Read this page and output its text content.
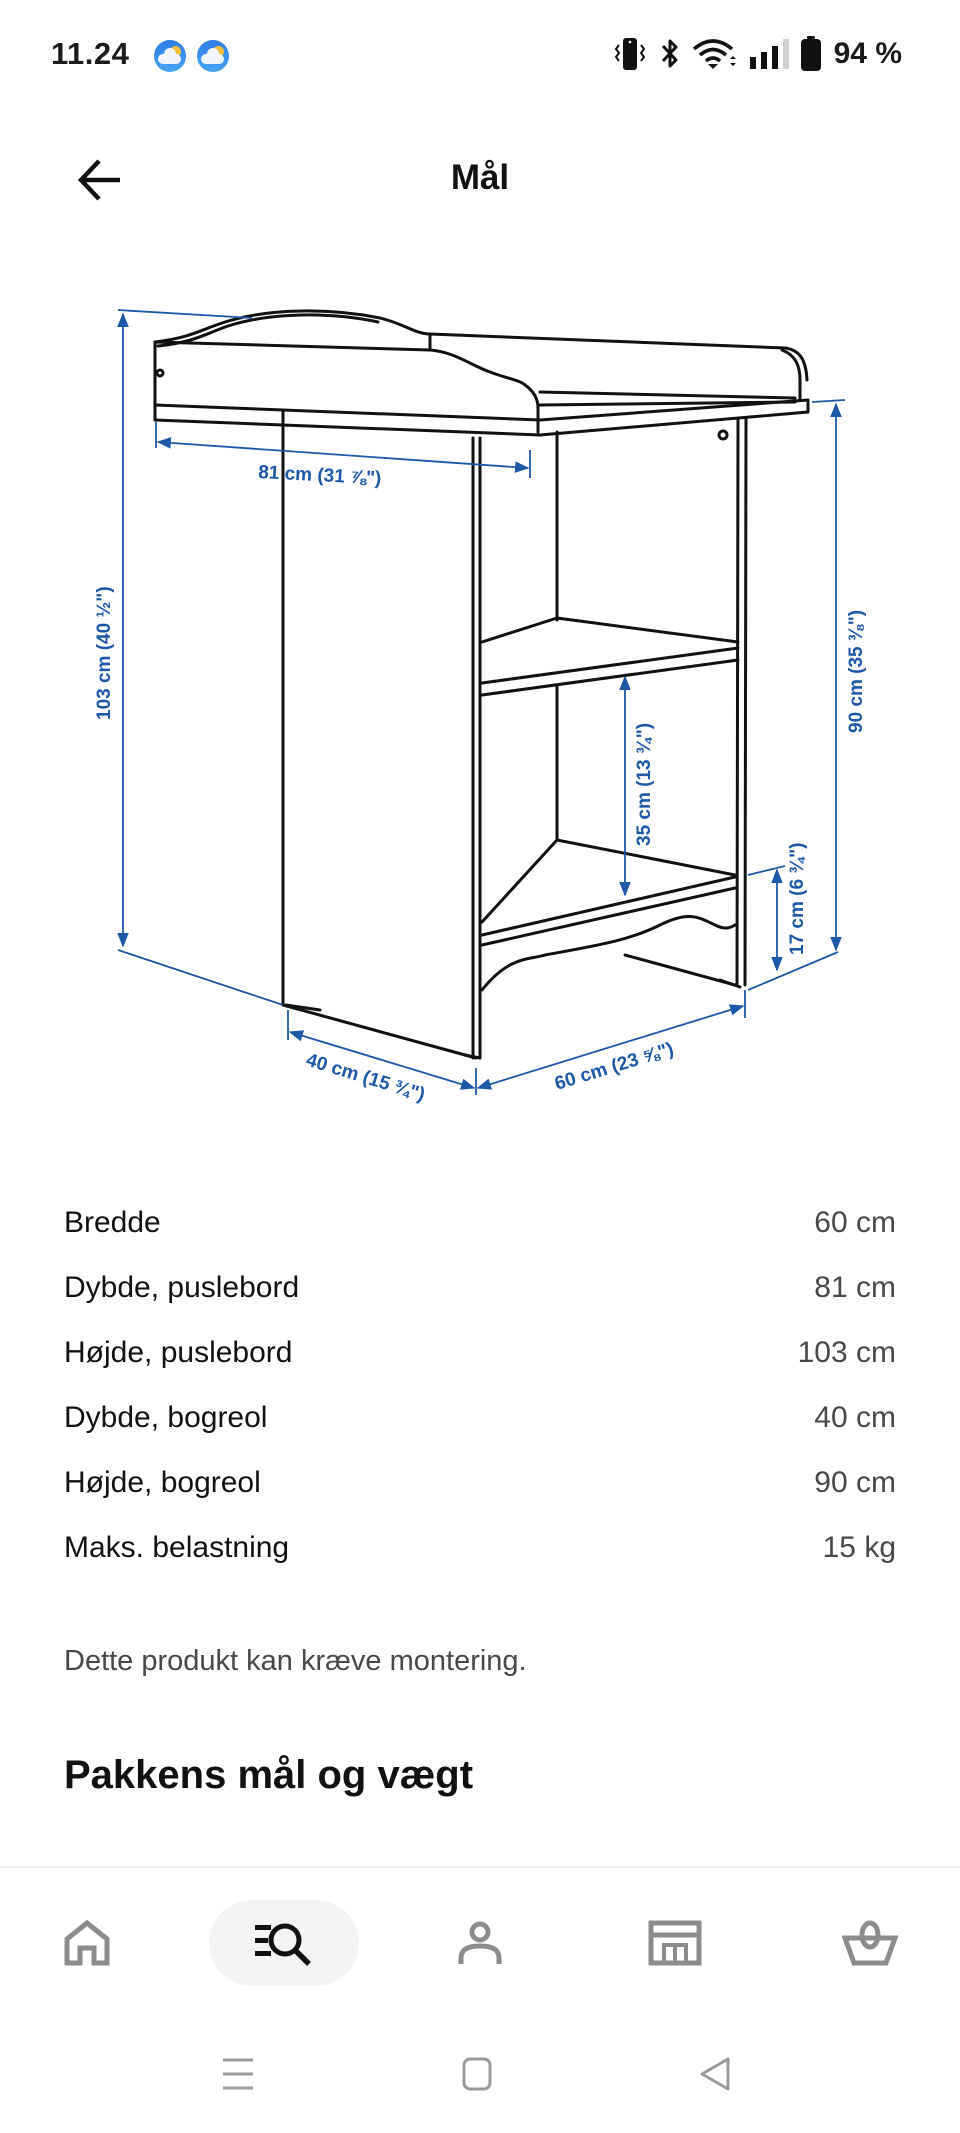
11.24	94 %
Mål
103 cm (40 ½")
81 cm (31 ⅞")
90 cm (35 ⅜")
35 cm (13 ¾")
17 cm (6 ¾")
40 cm (15 ¾")	60 cm (23 ⅝")
Bredde	60 cm
Dybde, puslebord	81 cm
Højde, puslebord	103 cm
Dybde, bogreol	40 cm
Højde, bogreol	90 cm
Maks. belastning	15 kg
Dette produkt kan kræve montering.
Pakkens mål og vægt
